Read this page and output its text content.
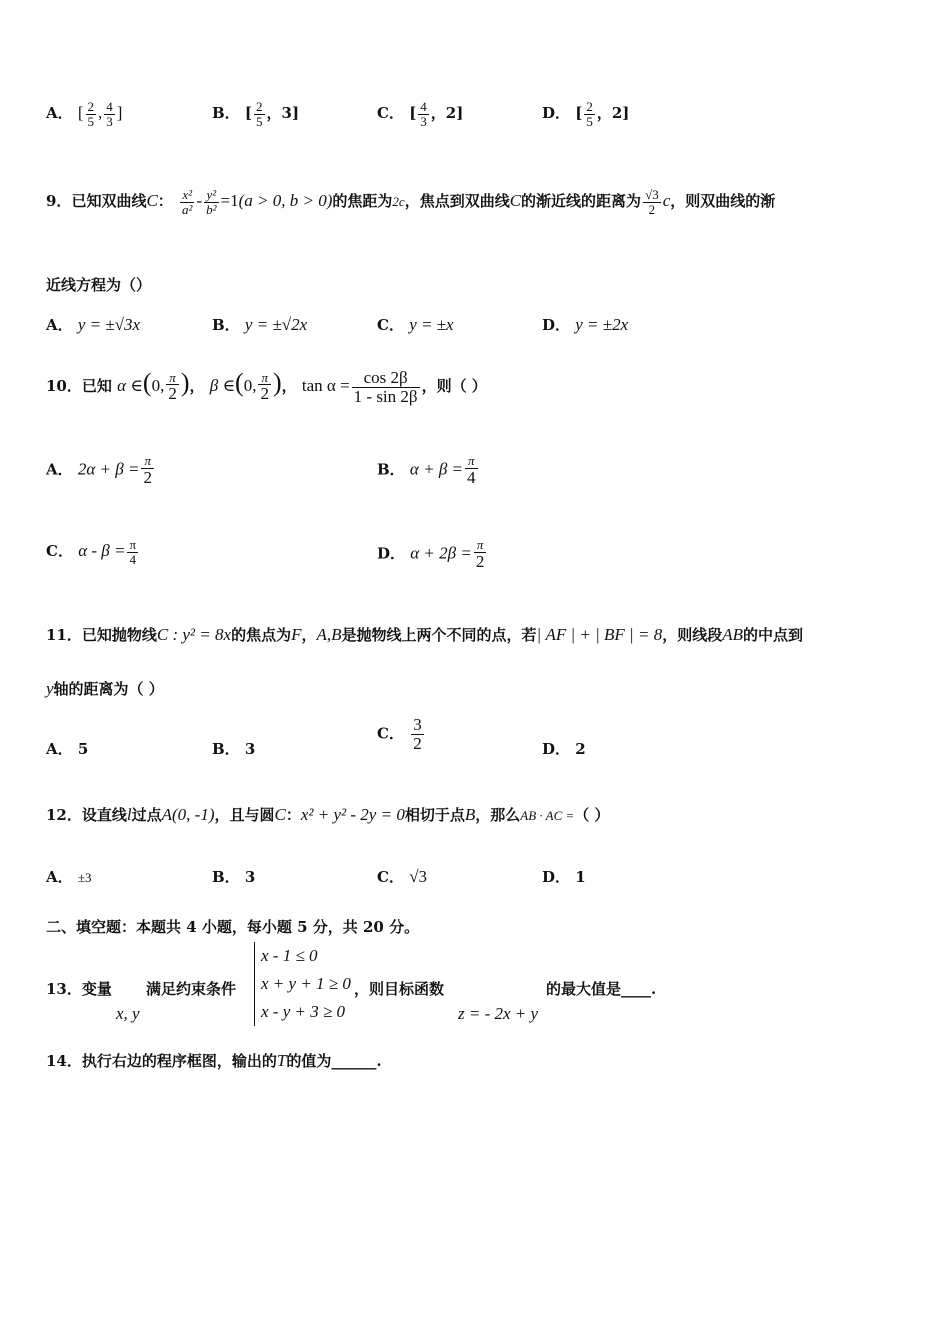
A． [ $\frac{2}{5}$ , $\frac{4}{3}$ ]	B． [ $\frac{2}{5}$ ，3]	C． [ $\frac{4}{3}$ ，2]	D． [ $\frac{2}{5}$ ，2]
9．已知双曲线C： $\frac{\text{x²}}{\text{a²}} - \frac{\text{y²}}{\text{b²}} =1(a > 0$, b > 0)的焦距为2c，焦点到双曲线C的渐近线的距离为 $\frac{√3}{2}$ c，则双曲线的渐
近线方程为（）
A． y = ±√3x	B． y = ±√2x	C． y = ±x	D． y = ±2x
10．已知 α ∈(0, $\frac{\pi}{2}$ )， β ∈(0, $\frac{\pi}{2}$ )， $\tan \alpha = \frac{\cos 2\beta}{1 - \sin 2\beta}$ ，则（ ）
A． $2\alpha + \beta = \frac{\pi}{2}$	B． $\alpha + \beta = \frac{\pi}{4}$
C． $\alpha - \beta = \frac{\pi}{4}$	D． $\alpha + 2\beta = \frac{\pi}{2}$
11．已知抛物线C : y² = 8x的焦点为F，A,B是抛物线上两个不同的点，若| AF | + | BF | = 8，则线段AB的中点到
y轴的距离为（ ）
A． 5	B． 3
C． $\frac{3}{2}$	D． 2
12．设直线l过点A(0, -1)，且与圆C：x² + y² - 2y = 0相切于点B，那么AB · AC =（ ）
A． ±3	B． 3	C． √3	D． 1
二、填空题：本题共 4 小题，每小题 5 分，共 20 分。
13．变量
x, y
满足约束条件
x - 1 ≤ 0
x + y + 1 ≥ 0
x - y + 3 ≥ 0
，则目标函数
z = - 2x + y
的最大值是____.
14．执行右边的程序框图，输出的T的值为______.
